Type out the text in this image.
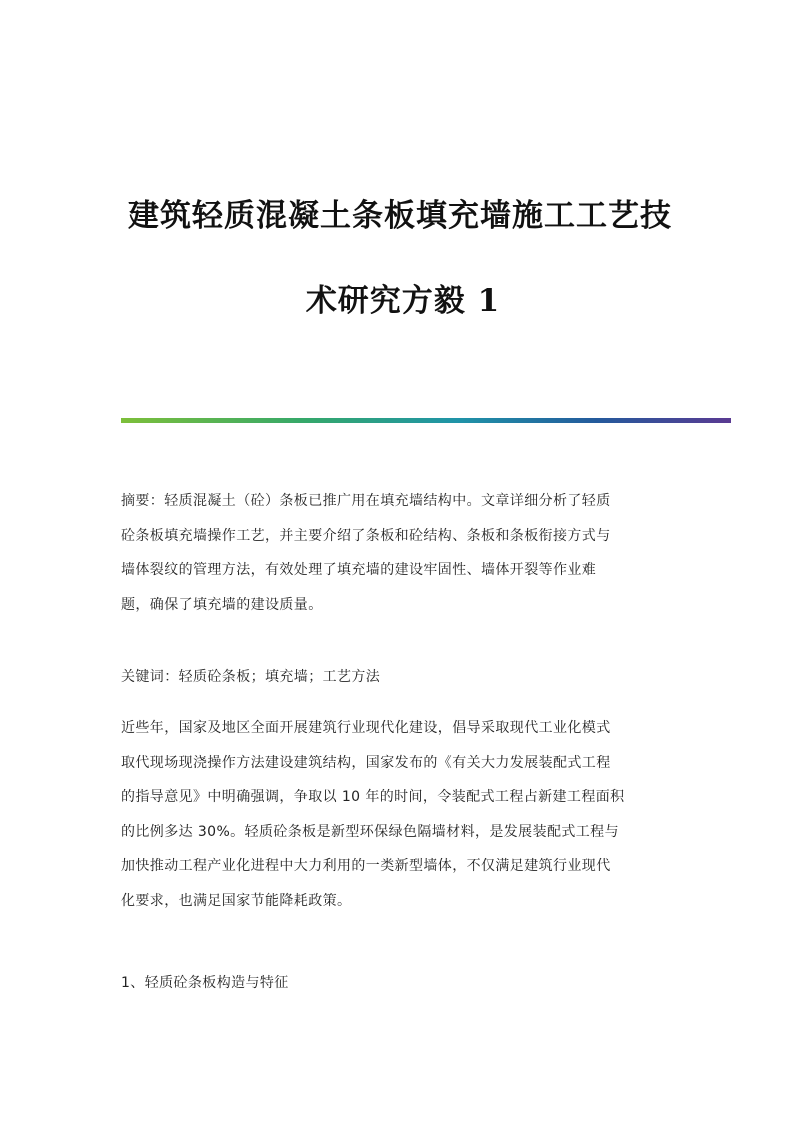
建筑轻质混凝土条板填充墙施工工艺技
术研究方毅 1
摘要：轻质混凝土（砼）条板已推广用在填充墙结构中。文章详细分析了轻质
砼条板填充墙操作工艺，并主要介绍了条板和砼结构、条板和条板衔接方式与
墙体裂纹的管理方法，有效处理了填充墙的建设牢固性、墙体开裂等作业难
题，确保了填充墙的建设质量。
关键词：轻质砼条板；填充墙；工艺方法
近些年，国家及地区全面开展建筑行业现代化建设，倡导采取现代工业化模式
取代现场现浇操作方法建设建筑结构，国家发布的《有关大力发展装配式工程
的指导意见》中明确强调，争取以 10 年的时间，令装配式工程占新建工程面积
的比例多达 30%。轻质砼条板是新型环保绿色隔墙材料，是发展装配式工程与
加快推动工程产业化进程中大力利用的一类新型墙体，不仅满足建筑行业现代
化要求，也满足国家节能降耗政策。
1、轻质砼条板构造与特征
